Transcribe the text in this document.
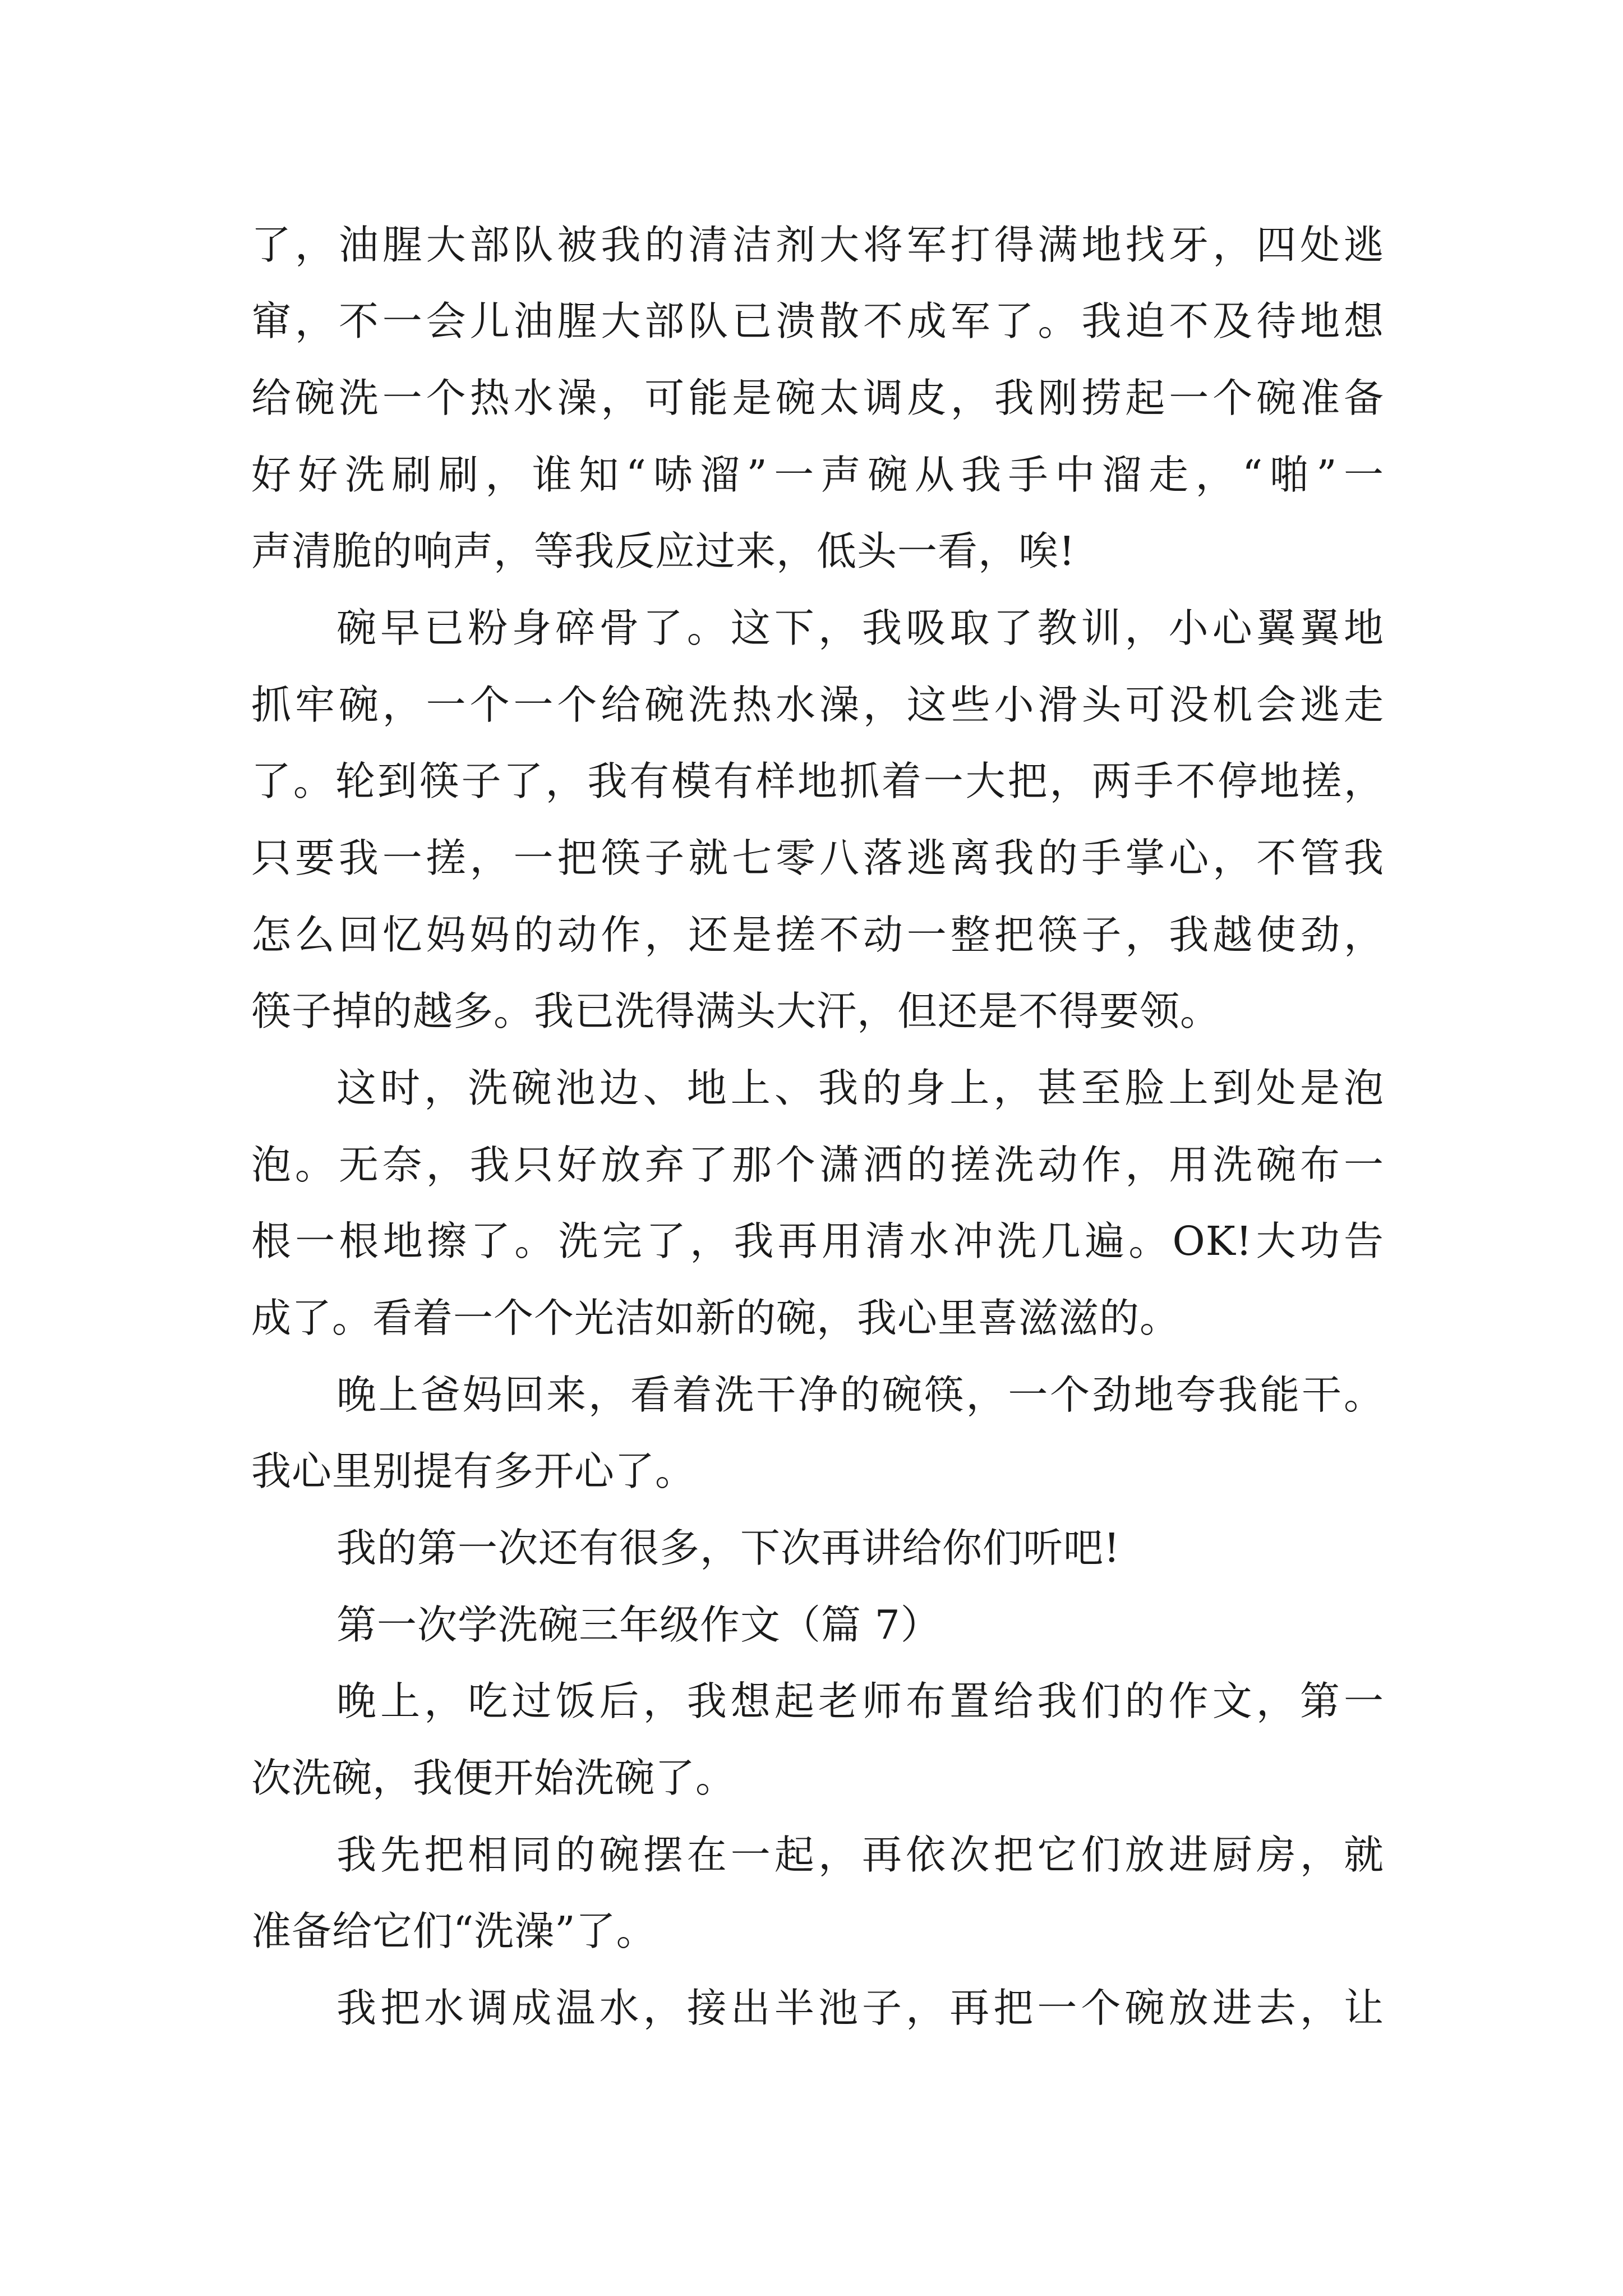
了，油腥大部队被我的清洁剂大将军打得满地找牙，四处逃
窜，不一会儿油腥大部队已溃散不成军了。我迫不及待地想
给碗洗一个热水澡，可能是碗太调皮，我刚捞起一个碗准备
好好洗刷刷，谁知“哧溜”一声碗从我手中溜走，“啪”一
声清脆的响声，等我反应过来，低头一看，唉!
碗早已粉身碎骨了。这下，我吸取了教训，小心翼翼地
抓牢碗，一个一个给碗洗热水澡，这些小滑头可没机会逃走
了。轮到筷子了，我有模有样地抓着一大把，两手不停地搓，
只要我一搓，一把筷子就七零八落逃离我的手掌心，不管我
怎么回忆妈妈的动作，还是搓不动一整把筷子，我越使劲，
筷子掉的越多。我已洗得满头大汗，但还是不得要领。
这时，洗碗池边、地上、我的身上，甚至脸上到处是泡
泡。无奈，我只好放弃了那个潇洒的搓洗动作，用洗碗布一
根一根地擦了。洗完了，我再用清水冲洗几遍。OK!大功告
成了。看着一个个光洁如新的碗，我心里喜滋滋的。
晚上爸妈回来，看着洗干净的碗筷，一个劲地夸我能干。
我心里别提有多开心了。
我的第一次还有很多，下次再讲给你们听吧!
第一次学洗碗三年级作文（篇 7）
晚上，吃过饭后，我想起老师布置给我们的作文，第一
次洗碗，我便开始洗碗了。
我先把相同的碗摆在一起，再依次把它们放进厨房，就
准备给它们“洗澡”了。
我把水调成温水，接出半池子，再把一个碗放进去，让
